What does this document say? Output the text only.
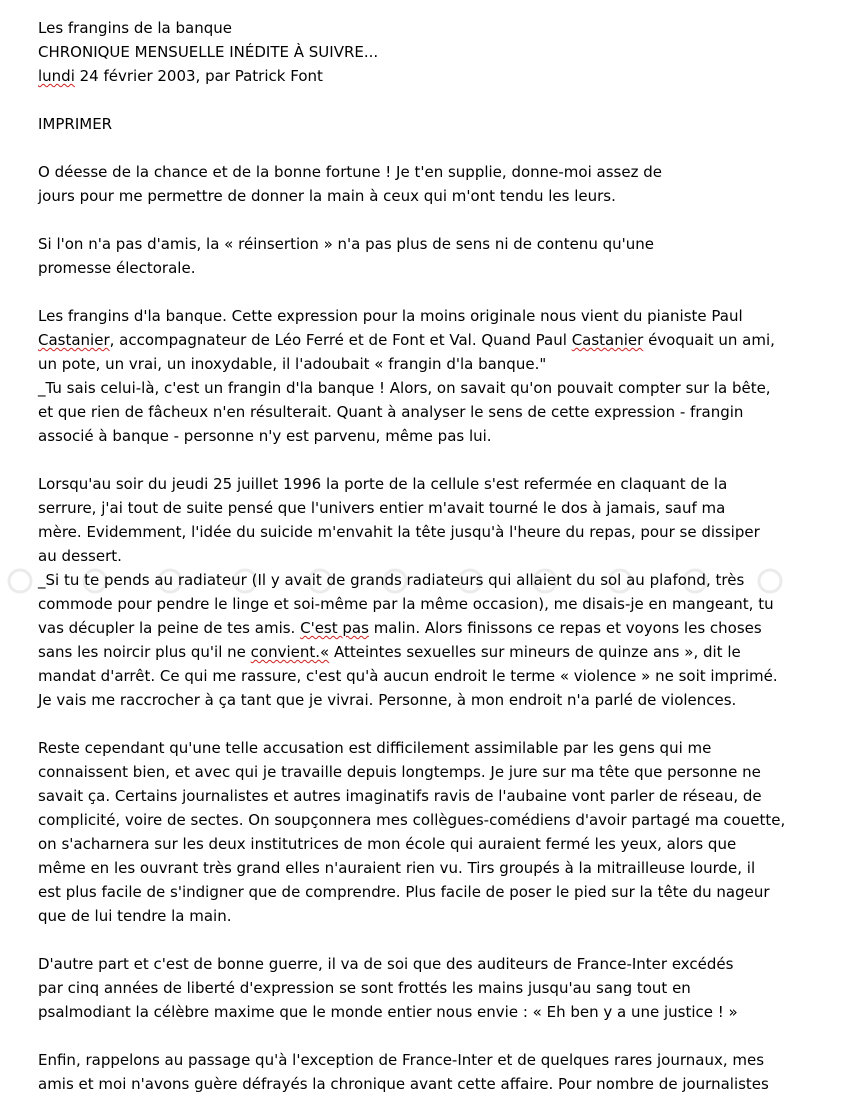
Les frangins de la banque
CHRONIQUE MENSUELLE INÉDITE À SUIVRE...
lundi 24 février 2003, par Patrick Font
IMPRIMER
O déesse de la chance et de la bonne fortune ! Je t'en supplie, donne-moi assez de
jours pour me permettre de donner la main à ceux qui m'ont tendu les leurs.
Si l'on n'a pas d'amis, la « réinsertion » n'a pas plus de sens ni de contenu qu'une
promesse électorale.
Les frangins d'la banque. Cette expression pour la moins originale nous vient du pianiste Paul
Castanier, accompagnateur de Léo Ferré et de Font et Val. Quand Paul Castanier évoquait un ami,
un pote, un vrai, un inoxydable, il l'adoubait « frangin d'la banque."
_Tu sais celui-là, c'est un frangin d'la banque ! Alors, on savait qu'on pouvait compter sur la bête,
et que rien de fâcheux n'en résulterait. Quant à analyser le sens de cette expression - frangin
associé à banque - personne n'y est parvenu, même pas lui.
Lorsqu'au soir du jeudi 25 juillet 1996 la porte de la cellule s'est refermée en claquant de la
serrure, j'ai tout de suite pensé que l'univers entier m'avait tourné le dos à jamais, sauf ma
mère. Evidemment, l'idée du suicide m'envahit la tête jusqu'à l'heure du repas, pour se dissiper
au dessert.
_Si tu te pends au radiateur (Il y avait de grands radiateurs qui allaient du sol au plafond, très
commode pour pendre le linge et soi-même par la même occasion), me disais-je en mangeant, tu
vas décupler la peine de tes amis. C'est pas malin. Alors finissons ce repas et voyons les choses
sans les noircir plus qu'il ne convient.« Atteintes sexuelles sur mineurs de quinze ans », dit le
mandat d'arrêt. Ce qui me rassure, c'est qu'à aucun endroit le terme « violence » ne soit imprimé.
Je vais me raccrocher à ça tant que je vivrai. Personne, à mon endroit n'a parlé de violences.
Reste cependant qu'une telle accusation est difficilement assimilable par les gens qui me
connaissent bien, et avec qui je travaille depuis longtemps. Je jure sur ma tête que personne ne
savait ça. Certains journalistes et autres imaginatifs ravis de l'aubaine vont parler de réseau, de
complicité, voire de sectes. On soupçonnera mes collègues-comédiens d'avoir partagé ma couette,
on s'acharnera sur les deux institutrices de mon école qui auraient fermé les yeux, alors que
même en les ouvrant très grand elles n'auraient rien vu. Tirs groupés à la mitrailleuse lourde, il
est plus facile de s'indigner que de comprendre. Plus facile de poser le pied sur la tête du nageur
que de lui tendre la main.
D'autre part et c'est de bonne guerre, il va de soi que des auditeurs de France-Inter excédés
par cinq années de liberté d'expression se sont frottés les mains jusqu'au sang tout en
psalmodiant la célèbre maxime que le monde entier nous envie : « Eh ben y a une justice ! »
Enfin, rappelons au passage qu'à l'exception de France-Inter et de quelques rares journaux, mes
amis et moi n'avons guère défrayés la chronique avant cette affaire. Pour nombre de journalistes
